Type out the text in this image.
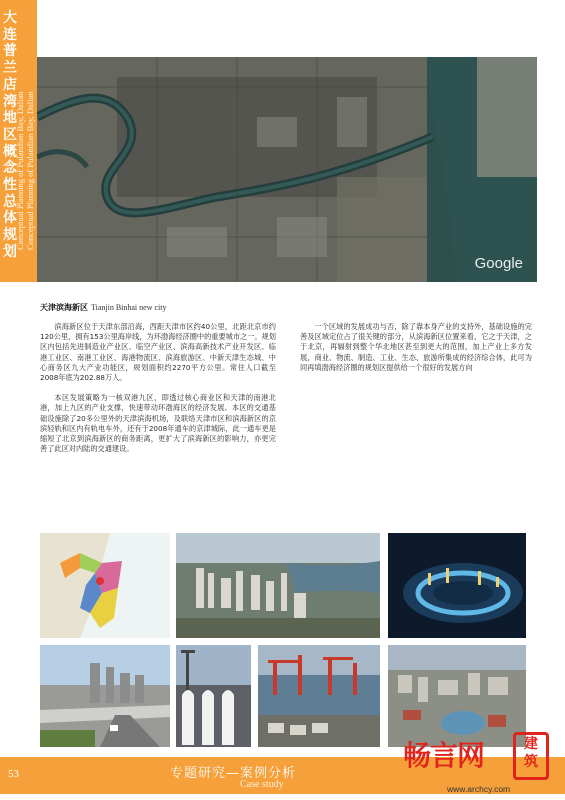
大连普兰店湾地区概念性总体规划
Conceptual Planning of Pulandian Bay, Dalian Conceptual Planning of Pulandian Bay, Dalian
Google
天津滨海新区 Tianjin Binhai new city

滨海新区位于天津东部沿海，西距天津市区约40公里，北距北京市约120公里，拥有153公里海岸线，为环渤海经济圈中的重要城市之一。规划区内包括先进制造业产业区、临空产业区、滨海高新技术产业开发区、临港工业区、南港工业区、海港物流区、滨海旅游区、中新天津生态城、中心商务区九大产业功能区，规划面积约2270平方公里。常住人口截至2008年底为202.88万人。

本区发展策略为一核双港九区，即透过核心商业区和天津的南港北港，加上九区的产业支撑，快速带动环渤海区的经济发展。本区的交通基础设施除了20多公里外的天津滨海机场，及联络天津市区和滨海新区的京滨轻轨和区内有轨电车外，还有于2008年通车的京津城际，此一通车更是缩短了北京到滨海新区的商务距离，更扩大了滨海新区的影响力，亦更完善了此区对内陆的交通建设。

一个区域的发展成功与否，除了靠本身产业的支持外，基础设施的完善及区域定位占了很关键的部分，从滨海新区位置来看，它之于天津，之于北京，再辐射到整个华北地区甚至到更大的范围，加上产业上多方发展，商业、物流、制造、工业、生态、旅游所集成的经济综合体，此可为同再填渤海经济圈的规划区提供给一个很好的发展方向

53	专题研究—案例分析
Case study
畅言网	建
筑
www.archcy.com
